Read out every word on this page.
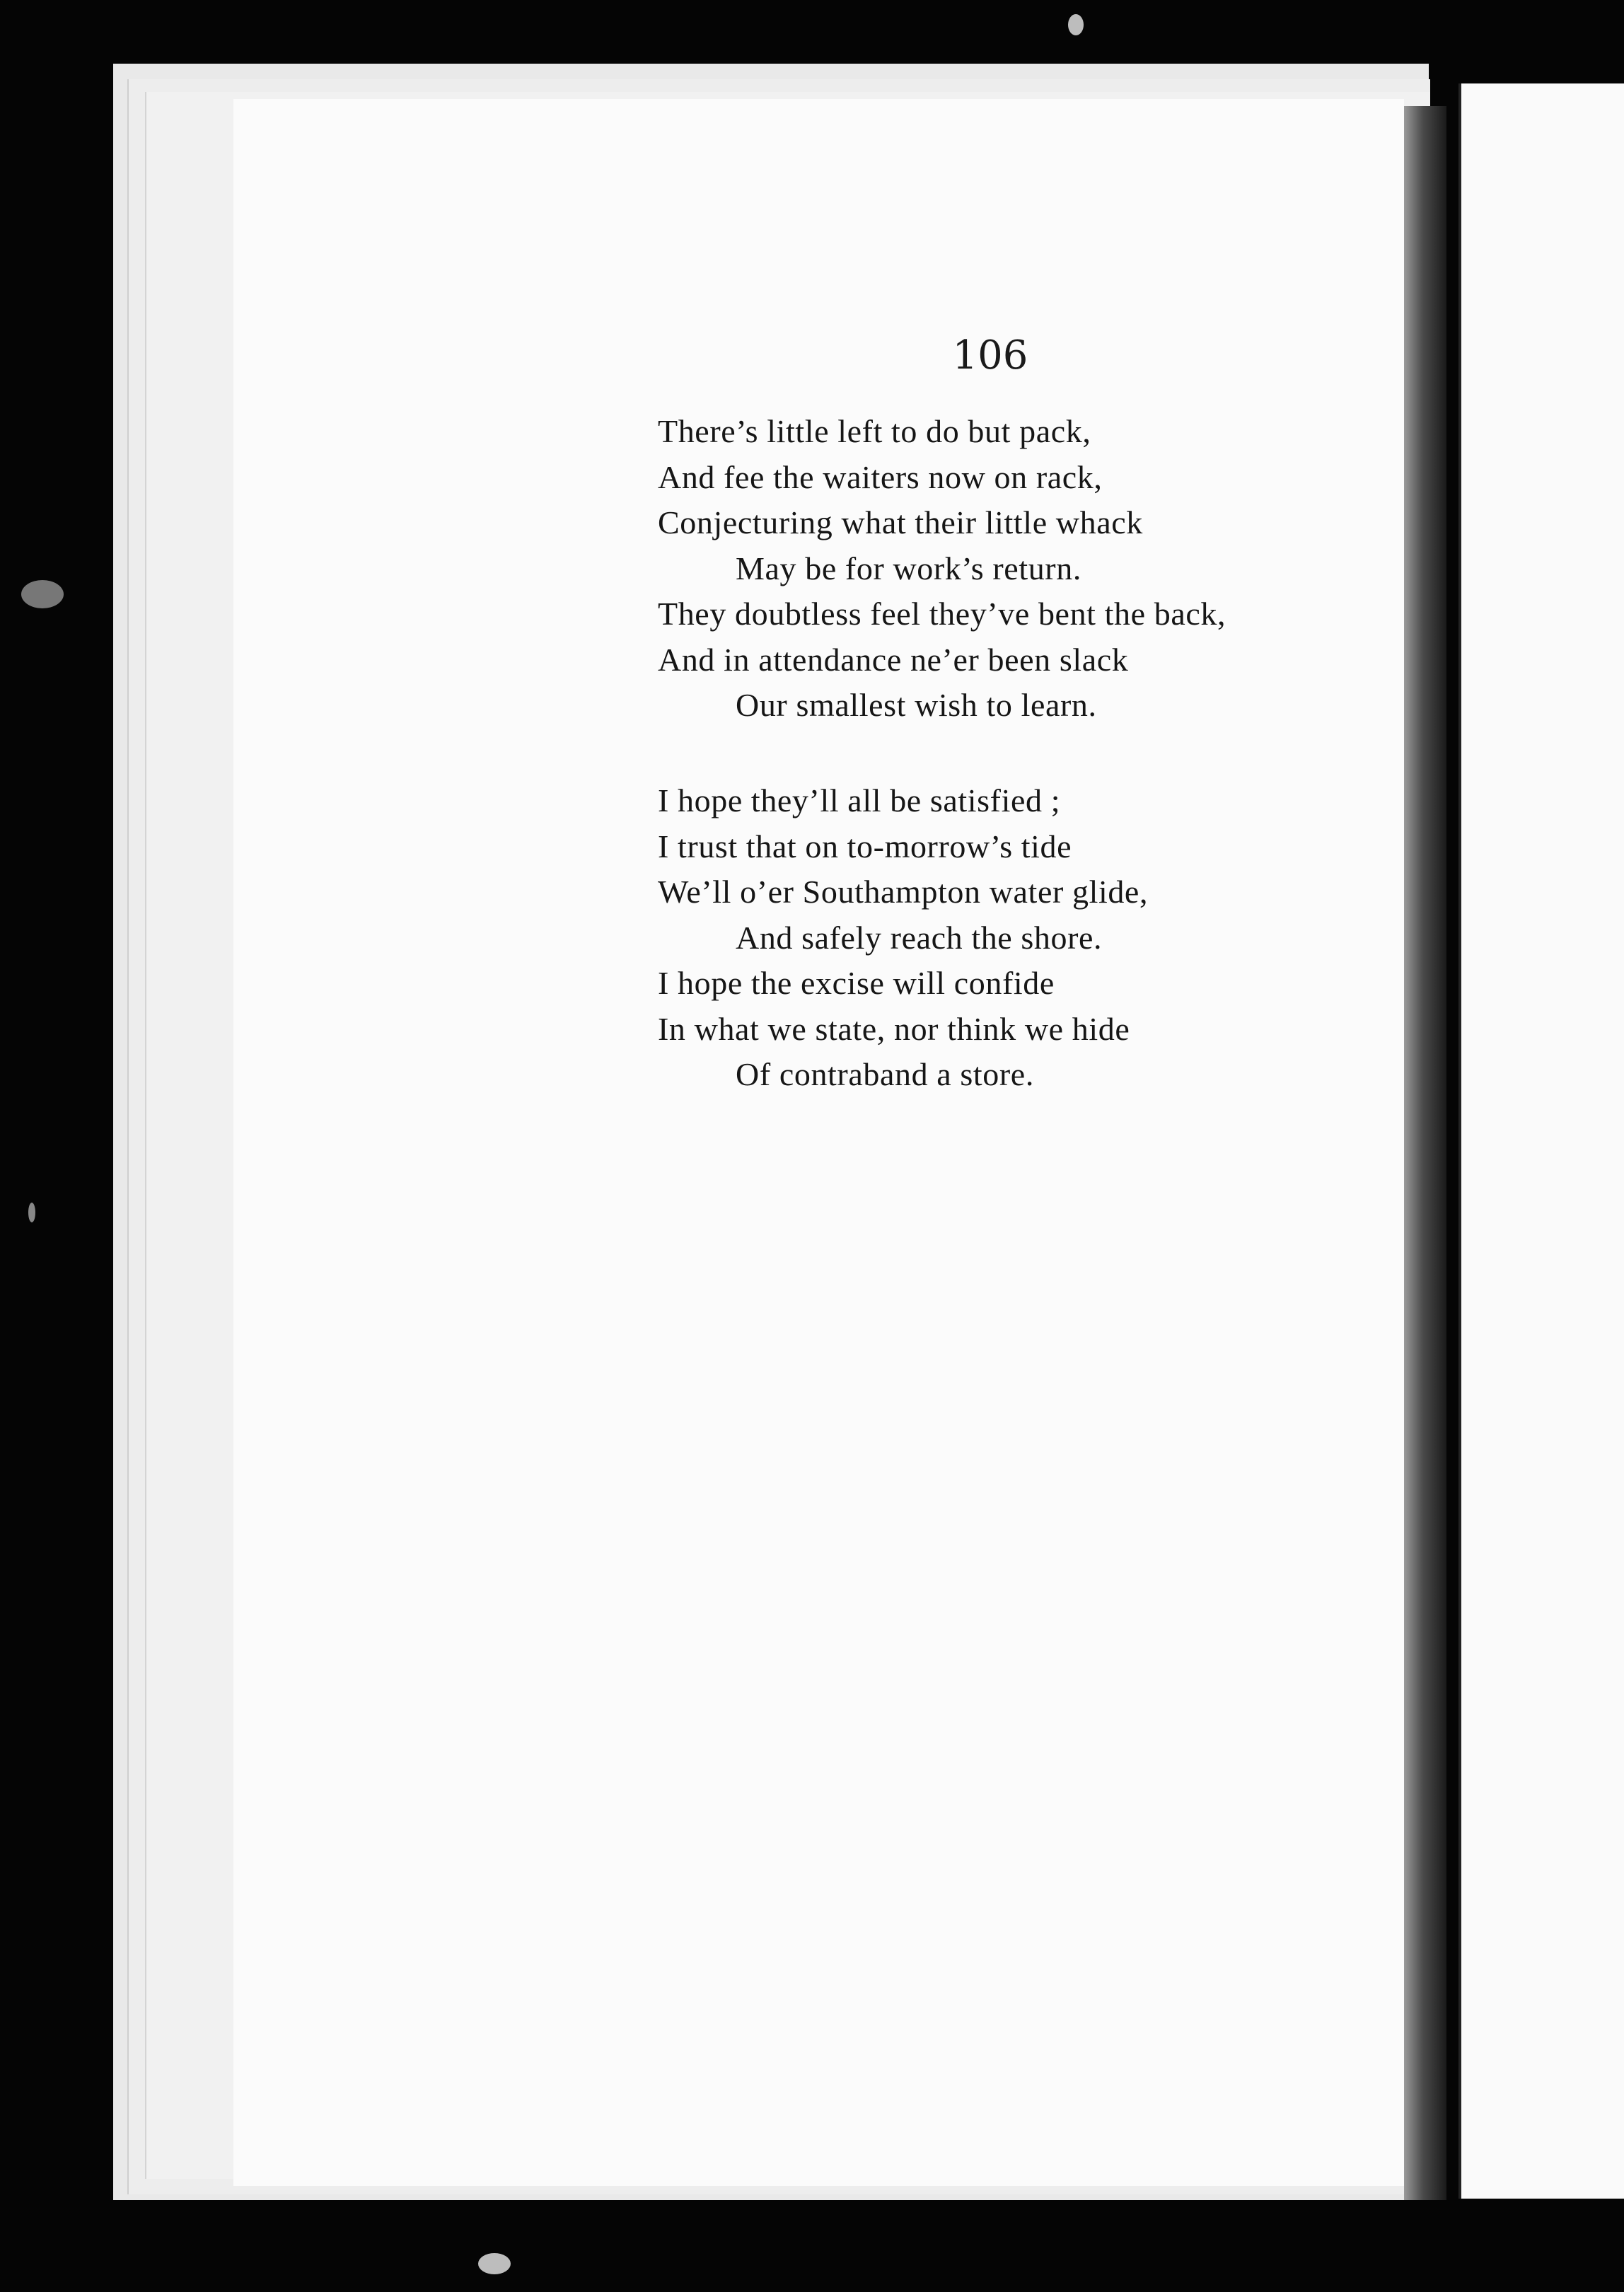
106
There’s little left to do but pack,
And fee the waiters now on rack,
Conjecturing what their little whack
May be for work’s return.
They doubtless feel they’ve bent the back,
And in attendance ne’er been slack
Our smallest wish to learn.
I hope they’ll all be satisfied ;
I trust that on to-morrow’s tide
We’ll o’er Southampton water glide,
And safely reach the shore.
I hope the excise will confide
In what we state, nor think we hide
Of contraband a store.
